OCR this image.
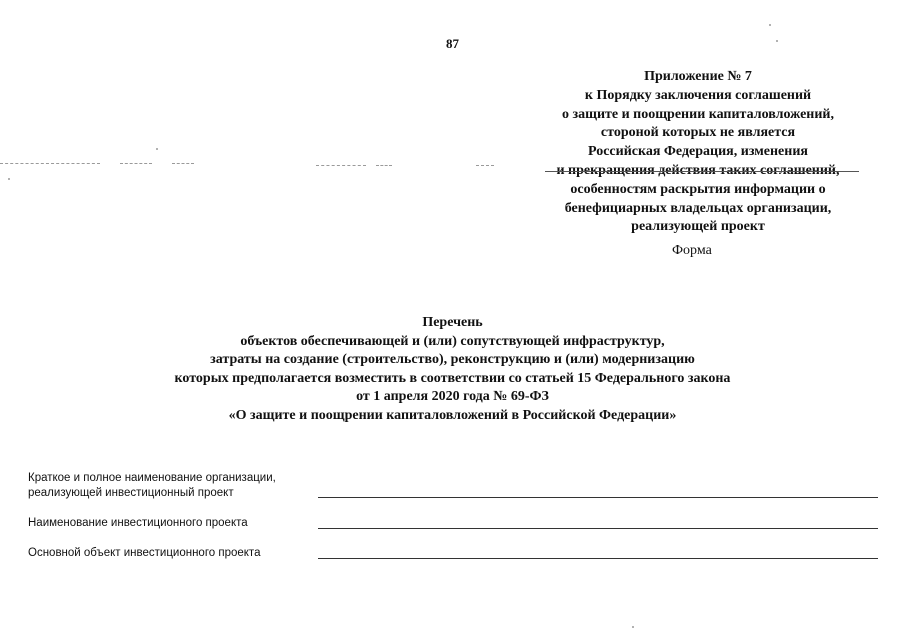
87
Приложение № 7
к Порядку заключения соглашений
о защите и поощрении капиталовложений,
стороной которых не является
Российская Федерация, изменения
и прекращения действия таких соглашений,
особенностям раскрытия информации о
бенефициарных владельцах организации,
реализующей проект
Форма
Перечень
объектов обеспечивающей и (или) сопутствующей инфраструктур,
затраты на создание (строительство), реконструкцию и (или) модернизацию
которых предполагается возместить в соответствии со статьей 15 Федерального закона
от 1 апреля 2020 года № 69-ФЗ
«О защите и поощрении капиталовложений в Российской Федерации»
Краткое и полное наименование организации,
реализующей инвестиционный проект
Наименование инвестиционного проекта
Основной объект инвестиционного проекта
